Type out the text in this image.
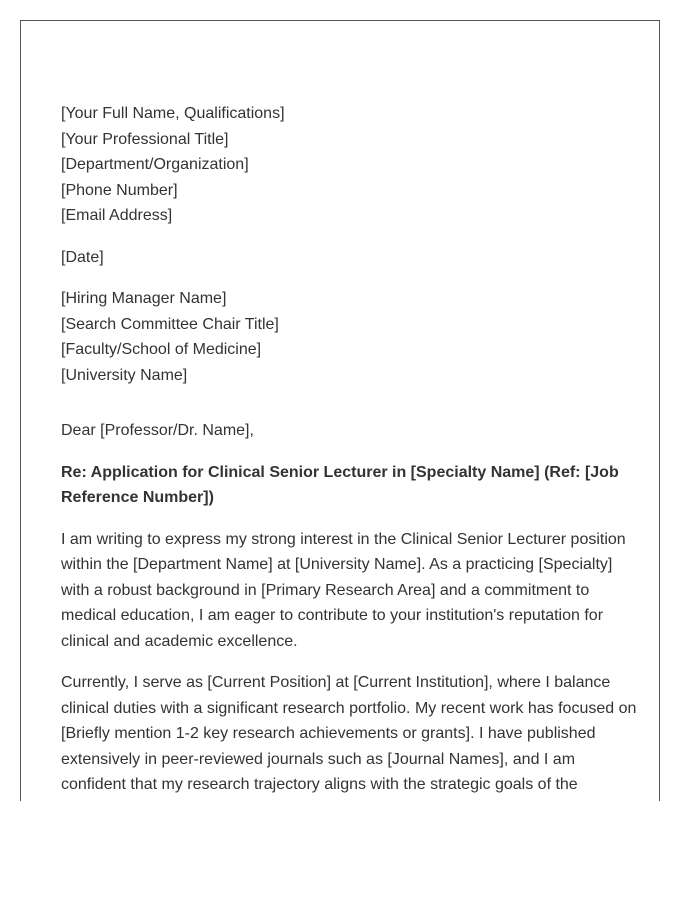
[Your Full Name, Qualifications]
[Your Professional Title]
[Department/Organization]
[Phone Number]
[Email Address]
[Date]
[Hiring Manager Name]
[Search Committee Chair Title]
[Faculty/School of Medicine]
[University Name]

Dear [Professor/Dr. Name],

Re: Application for Clinical Senior Lecturer in [Specialty Name] (Ref: [Job Reference Number])

I am writing to express my strong interest in the Clinical Senior Lecturer position within the [Department Name] at [University Name]. As a practicing [Specialty] with a robust background in [Primary Research Area] and a commitment to medical education, I am eager to contribute to your institution's reputation for clinical and academic excellence.

Currently, I serve as [Current Position] at [Current Institution], where I balance clinical duties with a significant research portfolio. My recent work has focused on [Briefly mention 1-2 key research achievements or grants]. I have published extensively in peer-reviewed journals such as [Journal Names], and I am confident that my research trajectory aligns with the strategic goals of the
